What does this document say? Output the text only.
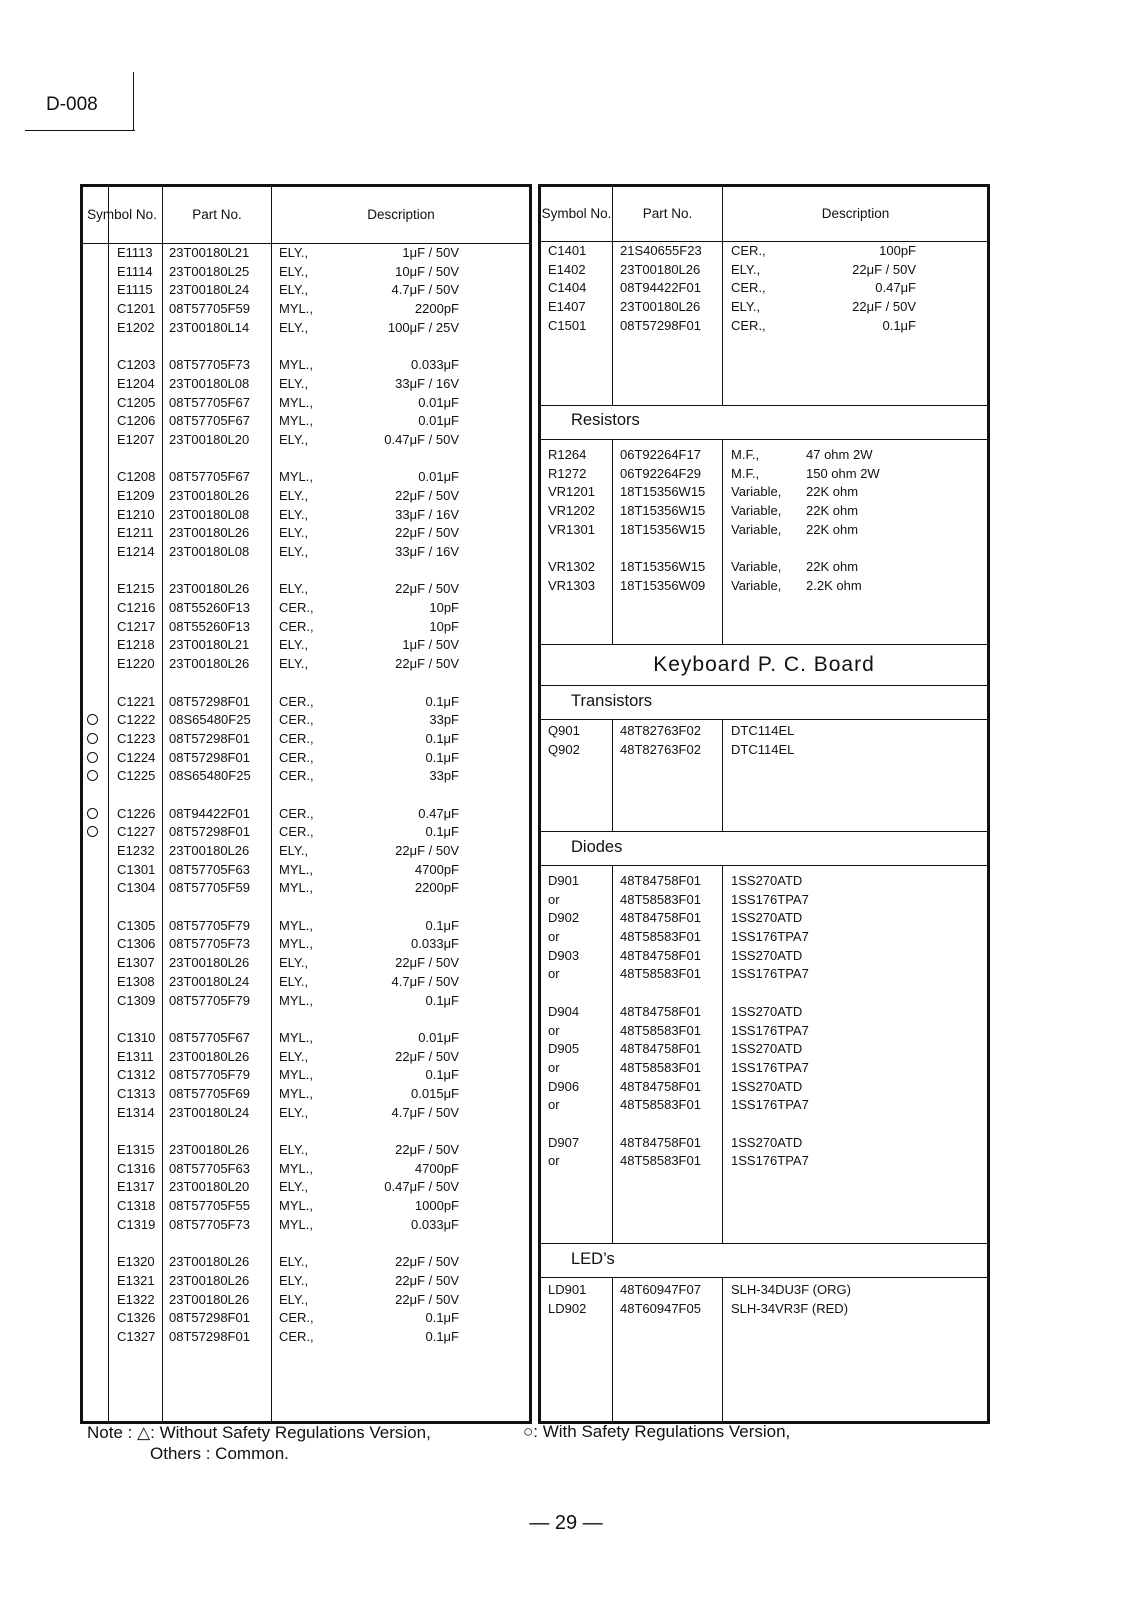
D-008
Symbol No.	Part No.	Description
E1113 23T00180L21 ELY.,	1μF / 50V
E1114 23T00180L25 ELY.,	10μF / 50V
E1115 23T00180L24 ELY.,	4.7μF / 50V
C1201 08T57705F59 MYL.,	2200pF
E1202 23T00180L14 ELY.,	100μF / 25V
C1203 08T57705F73 MYL.,	0.033μF
E1204 23T00180L08 ELY.,	33μF / 16V
C1205 08T57705F67 MYL.,	0.01μF
C1206 08T57705F67 MYL.,	0.01μF
E1207 23T00180L20 ELY.,	0.47μF / 50V
C1208 08T57705F67 MYL.,	0.01μF
E1209 23T00180L26 ELY.,	22μF / 50V
E1210 23T00180L08 ELY.,	33μF / 16V
E1211 23T00180L26 ELY.,	22μF / 50V
E1214 23T00180L08 ELY.,	33μF / 16V
E1215 23T00180L26 ELY.,	22μF / 50V
C1216 08T55260F13 CER.,	10pF
C1217 08T55260F13 CER.,	10pF
E1218 23T00180L21 ELY.,	1μF / 50V
E1220 23T00180L26 ELY.,	22μF / 50V
C1221 08T57298F01 CER.,	0.1μF
C1222 08S65480F25 CER.,	33pF
C1223 08T57298F01 CER.,	0.1μF
C1224 08T57298F01 CER.,	0.1μF
C1225 08S65480F25 CER.,	33pF
C1226 08T94422F01 CER.,	0.47μF
C1227 08T57298F01 CER.,	0.1μF
E1232 23T00180L26 ELY.,	22μF / 50V
C1301 08T57705F63 MYL.,	4700pF
C1304 08T57705F59 MYL.,	2200pF
C1305 08T57705F79 MYL.,	0.1μF
C1306 08T57705F73 MYL.,	0.033μF
E1307 23T00180L26 ELY.,	22μF / 50V
E1308 23T00180L24 ELY.,	4.7μF / 50V
C1309 08T57705F79 MYL.,	0.1μF
C1310 08T57705F67 MYL.,	0.01μF
E1311 23T00180L26 ELY.,	22μF / 50V
C1312 08T57705F79 MYL.,	0.1μF
C1313 08T57705F69 MYL.,	0.015μF
E1314 23T00180L24 ELY.,	4.7μF / 50V
E1315 23T00180L26 ELY.,	22μF / 50V
C1316 08T57705F63 MYL.,	4700pF
E1317 23T00180L20 ELY.,	0.47μF / 50V
C1318 08T57705F55 MYL.,	1000pF
C1319 08T57705F73 MYL.,	0.033μF
E1320 23T00180L26 ELY.,	22μF / 50V
E1321 23T00180L26 ELY.,	22μF / 50V
E1322 23T00180L26 ELY.,	22μF / 50V
C1326 08T57298F01 CER.,	0.1μF
C1327 08T57298F01 CER.,	0.1μF
Symbol No.	Part No.	Description
C1401	21S40655F23 CER.,	100pF
E1402	23T00180L26 ELY.,	22μF / 50V
C1404	08T94422F01 CER.,	0.47μF
E1407	23T00180L26 ELY.,	22μF / 50V
C1501	08T57298F01 CER.,	0.1μF
Resistors
R1264	06T92264F17 M.F.,	47 ohm 2W
R1272	06T92264F29 M.F.,	150 ohm 2W
VR1201 18T15356W15 Variable, 22K ohm
VR1202 18T15356W15 Variable, 22K ohm
VR1301 18T15356W15 Variable, 22K ohm
VR1302 18T15356W15 Variable, 22K ohm
VR1303 18T15356W09 Variable, 2.2K ohm
Keyboard P. C. Board
Transistors
Q901	48T82763F02 DTC114EL
Q902	48T82763F02 DTC114EL
Diodes
D901	48T84758F01 1SS270ATD
or	48T58583F01 1SS176TPA7
D902	48T84758F01 1SS270ATD
or	48T58583F01 1SS176TPA7
D903	48T84758F01 1SS270ATD
or	48T58583F01 1SS176TPA7
D904	48T84758F01 1SS270ATD
or	48T58583F01 1SS176TPA7
D905	48T84758F01 1SS270ATD
or	48T58583F01 1SS176TPA7
D906	48T84758F01 1SS270ATD
or	48T58583F01 1SS176TPA7
D907	48T84758F01 1SS270ATD
or	48T58583F01 1SS176TPA7
LED’s
LD901	48T60947F07 SLH-34DU3F (ORG)
LD902	48T60947F05 SLH-34VR3F (RED)
Note : △: Without Safety Regulations Version,
Others : Common.
○: With Safety Regulations Version,
— 29 —
